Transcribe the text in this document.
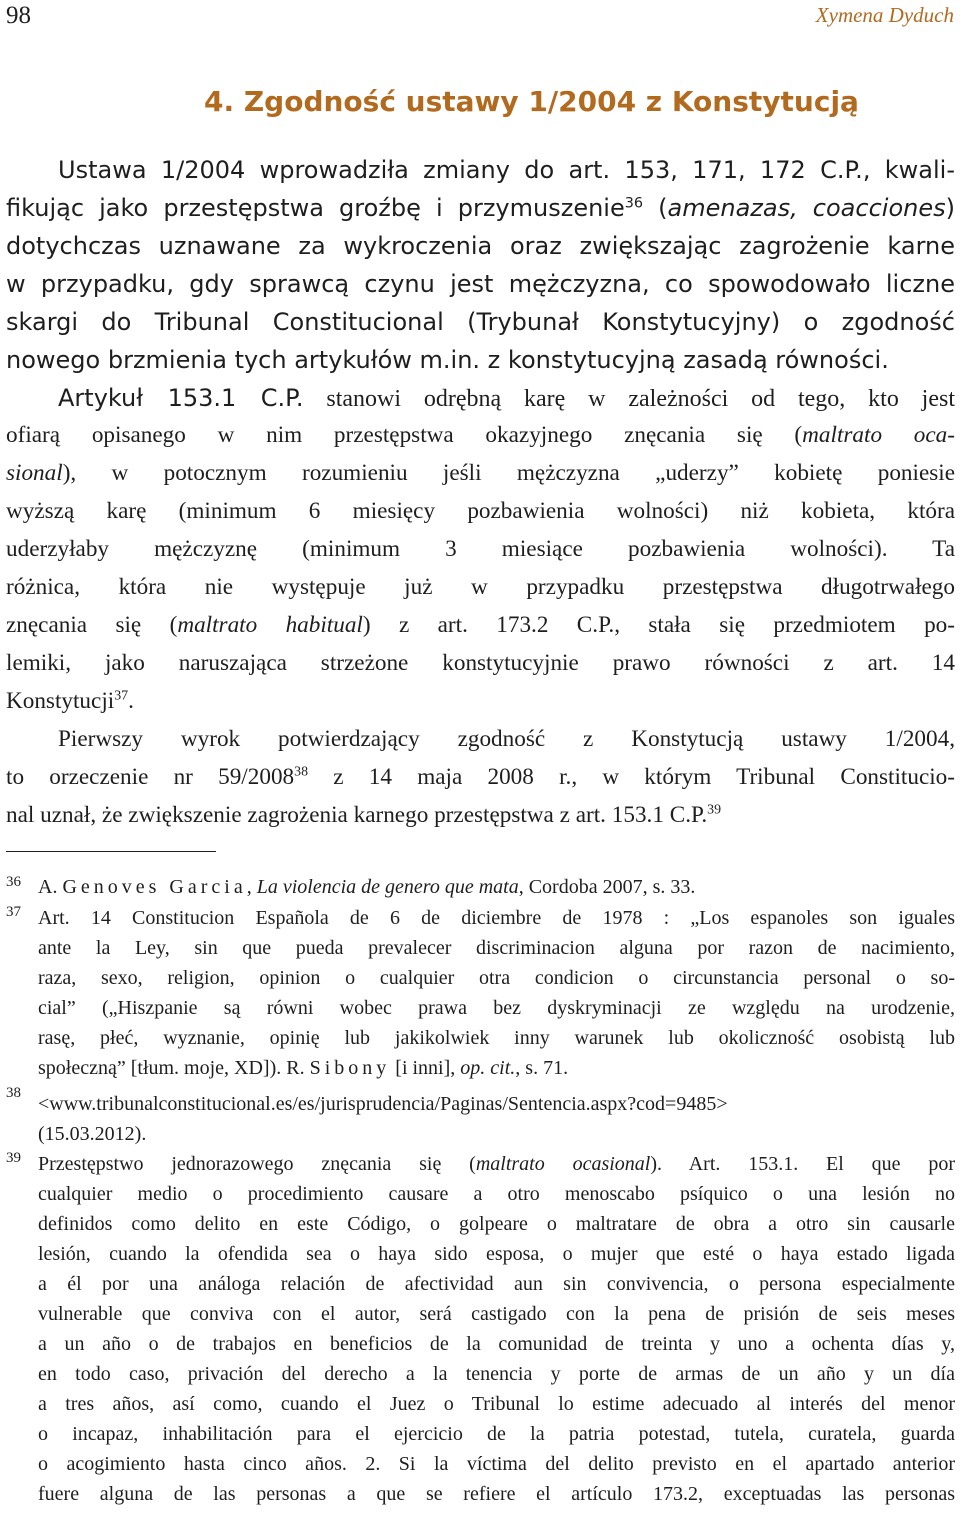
98	Xymena Dyduch
4. Zgodność ustawy 1/2004 z Konstytucją
Ustawa 1/2004 wprowadziła zmiany do art. 153, 171, 172 C.P., kwali-
fikując jako przestępstwa groźbę i przymuszenie$^{36}$ (amenazas, coacciones)
dotychczas uznawane za wykroczenia oraz zwiększając zagrożenie karne
w przypadku, gdy sprawcą czynu jest mężczyzna, co spowodowało liczne
skargi do Tribunal Constitucional (Trybunał Konstytucyjny) o zgodność
nowego brzmienia tych artykułów m.in. z konstytucyjną zasadą równości.
Artykuł 153.1 C.P. stanowi odrębną karę w zależności od tego, kto jest
ofiarą opisanego w nim przestępstwa okazyjnego znęcania się (maltrato oca-
sional), w potocznym rozumieniu jeśli mężczyzna „uderzy” kobietę poniesie
wyższą karę (minimum 6 miesięcy pozbawienia wolności) niż kobieta, która
uderzyłaby mężczyznę (minimum 3 miesiące pozbawienia wolności). Ta
różnica, która nie występuje już w przypadku przestępstwa długotrwałego
znęcania się (maltrato habitual) z art. 173.2 C.P., stała się przedmiotem po-
lemiki, jako naruszająca strzeżone konstytucyjnie prawo równości z art. 14
Konstytucji$^{37}$.
Pierwszy wyrok potwierdzający zgodność z Konstytucją ustawy 1/2004,
to orzeczenie nr 59/2008$^{38}$ z 14 maja 2008 r., w którym Tribunal Constitucio-
nal uznał, że zwiększenie zagrożenia karnego przestępstwa z art. 153.1 C.P.$^{39}$
36 A. Genoves Garcia, La violencia de genero que mata, Cordoba 2007, s. 33.
37 Art. 14 Constitucion Española de 6 de diciembre de 1978 : „Los espanoles son iguales
ante la Ley, sin que pueda prevalecer discriminacion alguna por razon de nacimiento,
raza, sexo, religion, opinion o cualquier otra condicion o circunstancia personal o so-
cial” („Hiszpanie są równi wobec prawa bez dyskryminacji ze względu na urodzenie,
rasę, płeć, wyznanie, opinię lub jakikolwiek inny warunek lub okoliczność osobistą lub
społeczną” [tłum. moje, XD]). R. Sibony [i inni], op. cit., s. 71.
38 <www.tribunalconstitucional.es/es/jurisprudencia/Paginas/Sentencia.aspx?cod=9485>
(15.03.2012).
39 Przestępstwo jednorazowego znęcania się (maltrato ocasional). Art. 153.1. El que por
cualquier medio o procedimiento causare a otro menoscabo psíquico o una lesión no
definidos como delito en este Código, o golpeare o maltratare de obra a otro sin causarle
lesión, cuando la ofendida sea o haya sido esposa, o mujer que esté o haya estado ligada
a él por una análoga relación de afectividad aun sin convivencia, o persona especialmente
vulnerable que conviva con el autor, será castigado con la pena de prisión de seis meses
a un año o de trabajos en beneficios de la comunidad de treinta y uno a ochenta días y,
en todo caso, privación del derecho a la tenencia y porte de armas de un año y un día
a tres años, así como, cuando el Juez o Tribunal lo estime adecuado al interés del menor
o incapaz, inhabilitación para el ejercicio de la patria potestad, tutela, curatela, guarda
o acogimiento hasta cinco años. 2. Si la víctima del delito previsto en el apartado anterior
fuere alguna de las personas a que se refiere el artículo 173.2, exceptuadas las personas
